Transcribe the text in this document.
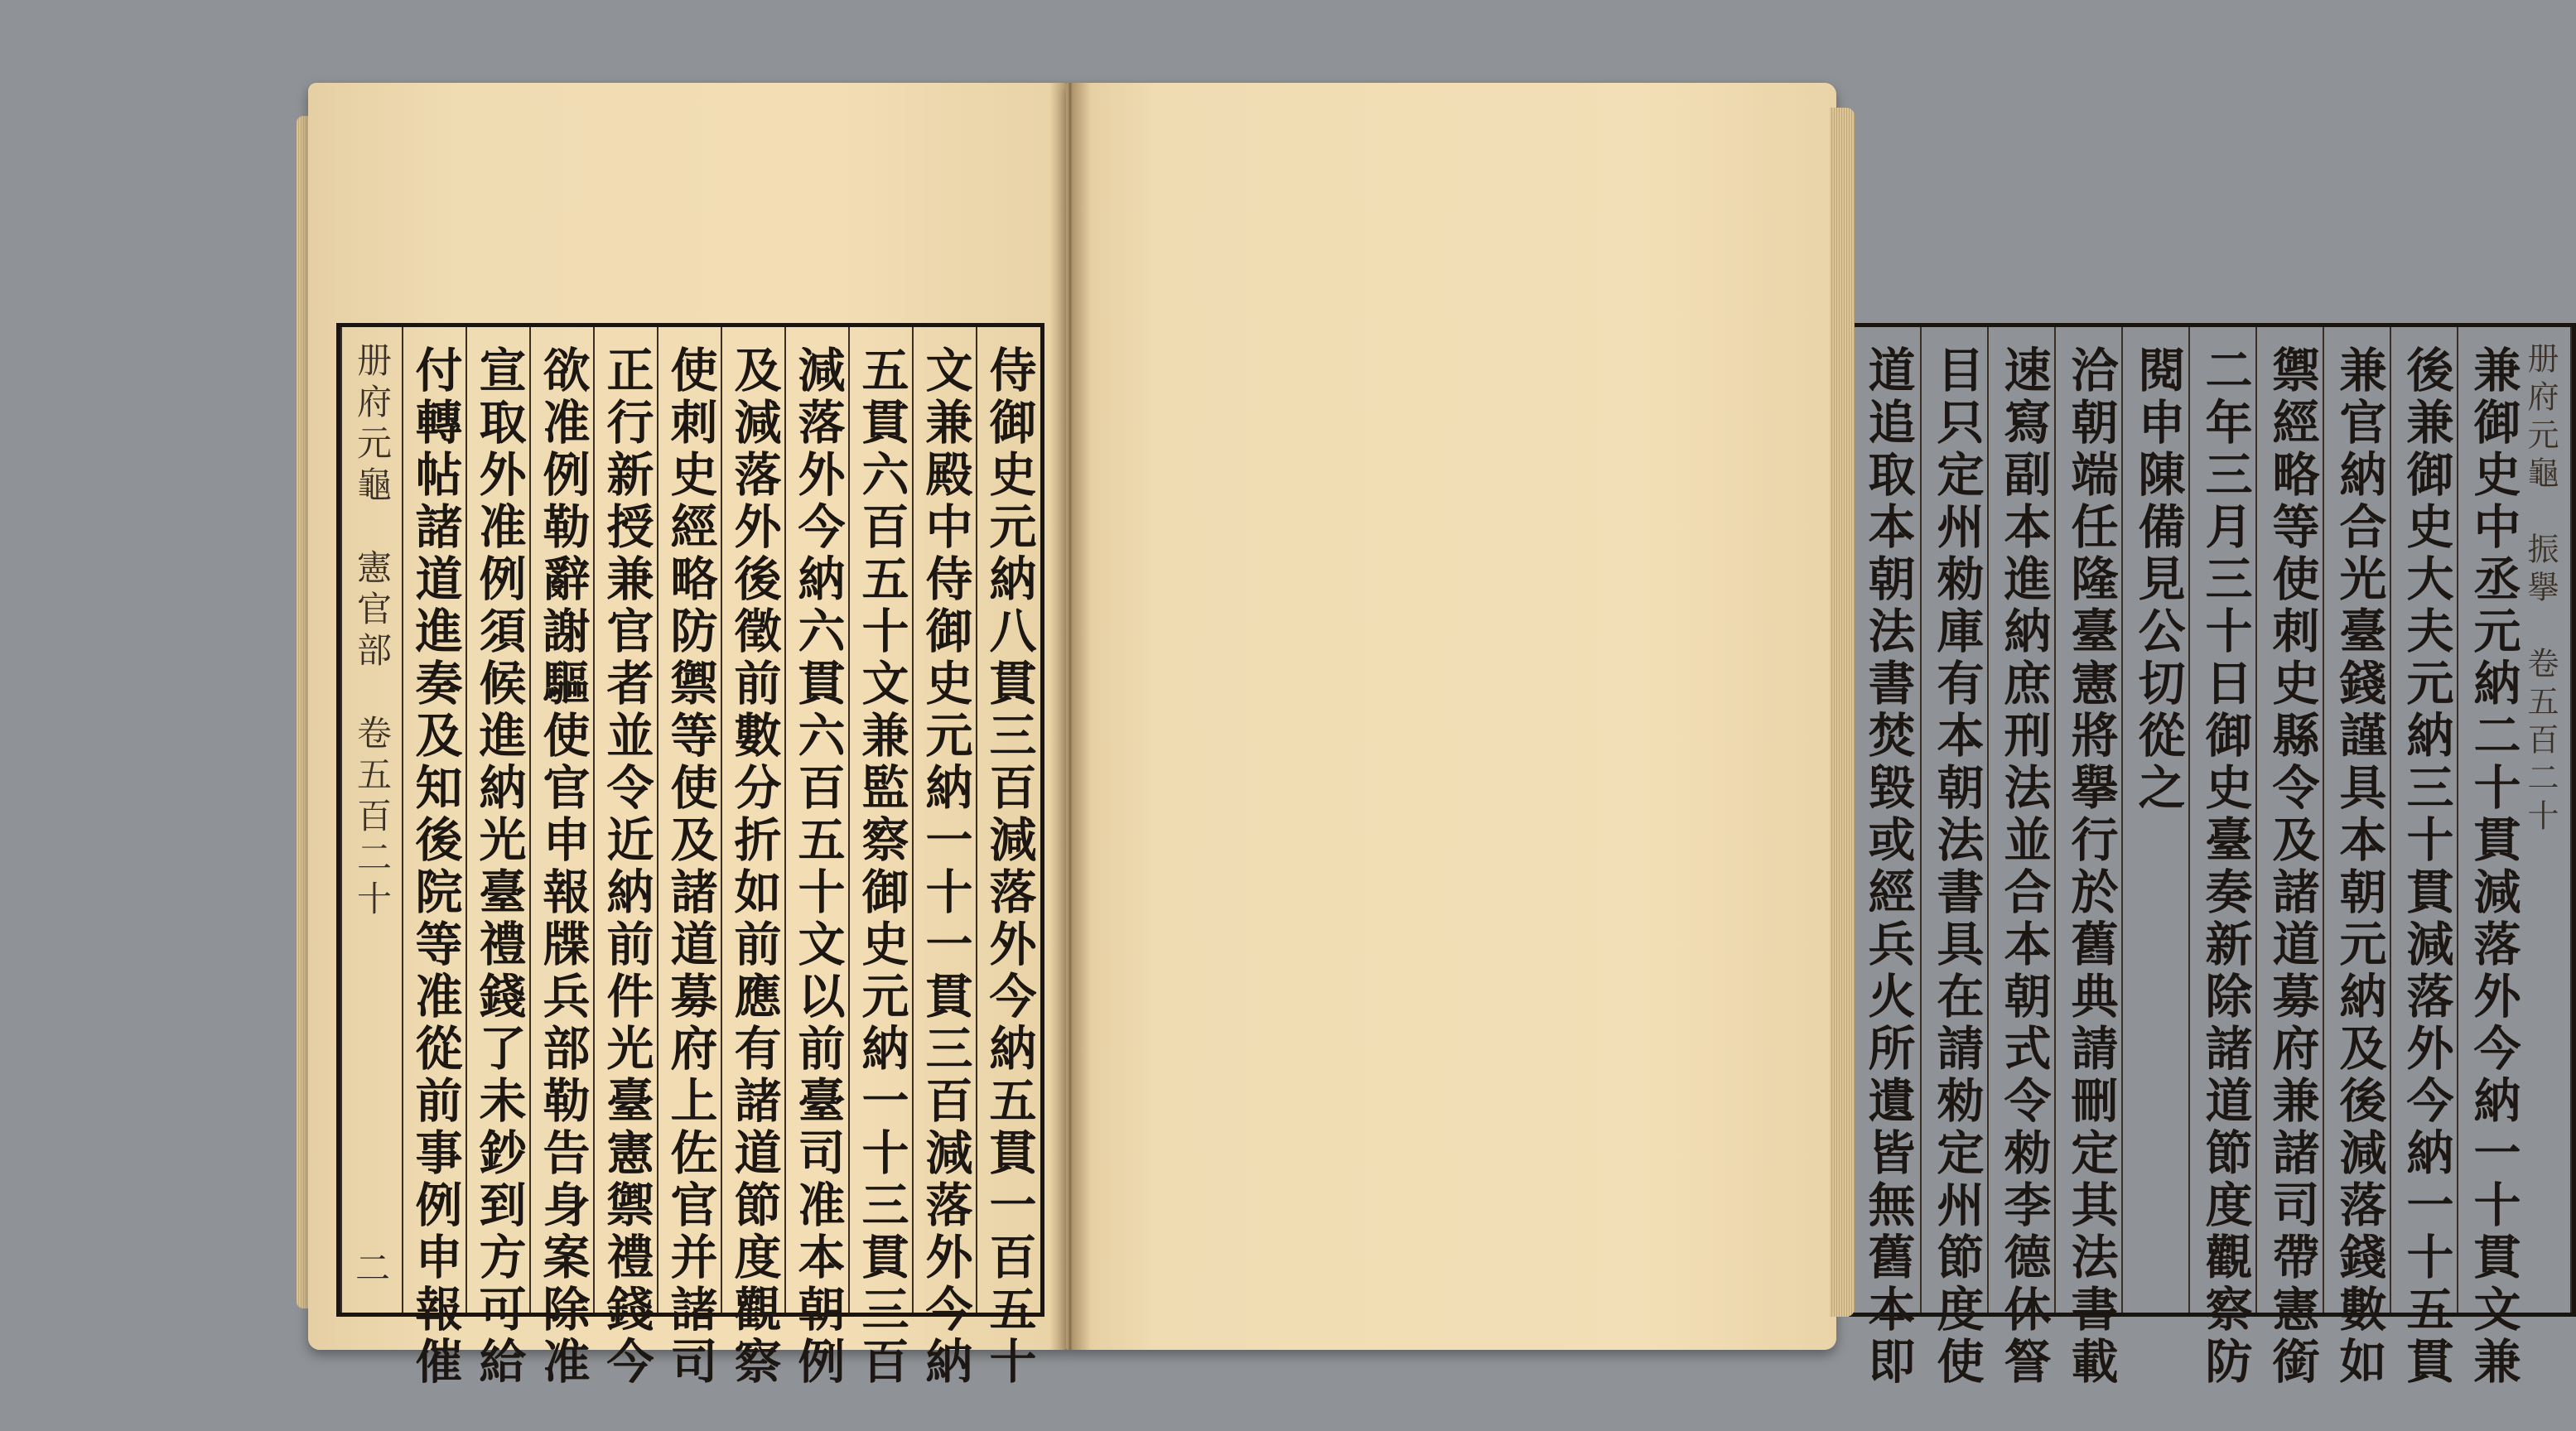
册府元龜　憲官部　卷五百二十
二 付轉帖諸道進奏及知後院等准從前事例申報催 宣取外准例須候進納光臺禮錢了未鈔到方可給 欲准例勒辭謝驅使官申報牒兵部勒告身案除准 正行新授兼官者並令近納前件光臺憲禦禮錢今 使刺史經略防禦等使及諸道募府上佐官并諸司 及減落外後徵前數分折如前應有諸道節度觀察 減落外今納六貫六百五十文以前臺司准本朝例 五貫六百五十文兼監察御史元納一十三貫三百 文兼殿中侍御史元納一十一貫三百減落外今納 侍御史元納八貫三百減落外今納五貫一百五十	册府元龜　振擧　卷五百二十
道追取本朝法書焚毀或經兵火所遺皆無舊本即 目只定州勑庫有本朝法書具在請勑定州節度使 速寫副本進納庶刑法並合本朝式令勑李德休詧 洽朝端任隆臺憲將擧行於舊典請刪定其法書載 閱申陳備見公切從之 二年三月三十日御史臺奏新除諸道節度觀察防 禦經略等使刺史縣令及諸道募府兼諸司帶憲銜 兼官納合光臺錢謹具本朝元納及後減落錢數如 後兼御史大夫元納三十貫減落外今納一十五貫 兼御史中丞元納二十貫減落外今納一十貫文兼
